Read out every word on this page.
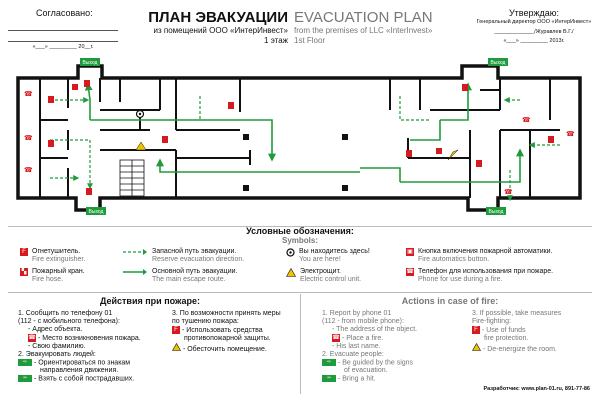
Согласовано:
«___» _________ 20__г.
ПЛАН ЭВАКУАЦИИ
из помещений ООО «ИнтерИнвест»
1 этаж
EVACUATION PLAN
from the premises of LLC «InterInvest»
1st Floor
Утверждаю:
Генеральный директор ООО «ИнтерИнвест»
_____________/Журавлев В.Г./
«___» _________ 2013г.
Выход
Выход
Выход
Выход
☎
☎
☎
☎
☎
☎
Условные обозначения:
Symbols:
F Огнетушитель.
Fire extinguisher.
▚ Пожарный кран.
Fire hose.
Запасной путь эвакуации.
Reserve evacuation direction.
Основной путь эвакуации.
The main escape route.
Вы находитесь здесь!
You are here!
Электрощит.
Electric control unit.
▣ Кнопка включения пожарной автоматики.
Fire automatics button.
☎ Телефон для использования при пожаре.
Phone for use during a fire.
Действия при пожаре:
1. Сообщить по телефону 01
(112 - с мобильного телефона):
- Адрес объекта.
☎ - Место возникновения пожара.
- Свою фамилию.
2. Эвакуировать людей:
⇨ - Ориентироваться по знакам
направления движения.
⇦ - Взять с собой пострадавших.
3. По возможности принять меры
по тушению пожара:
F - Использовать средства
противопожарной защиты.
- Обесточить помещение.
Actions in case of fire:
1. Report by phone 01
(112 - from mobile phone):
- The address of the object.
☎ - Place a fire.
- His last name.
2. Evacuate people:
⇨ - Be guided by the signs
of evacuation.
⇦ - Bring a hit.
3. If possible, take measures
Fire-fighting:
F - Use of funds
fire protection.
- De-energize the room.
Разработчик: www.plan-01.ru, 891-77-86
